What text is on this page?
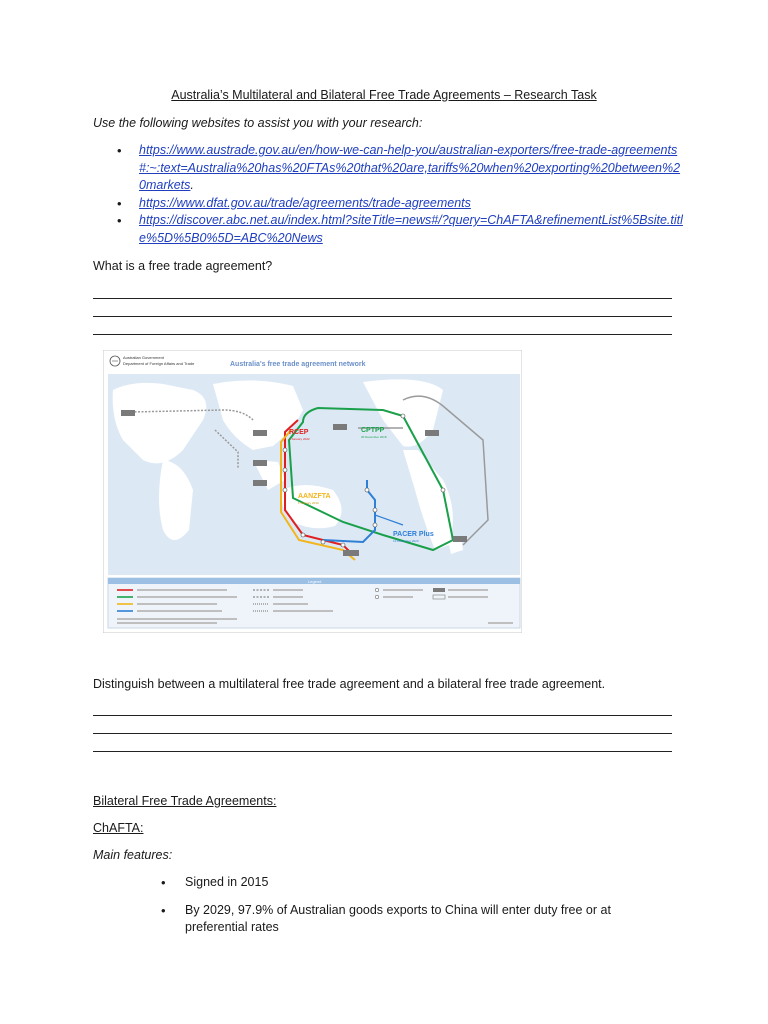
Australia’s Multilateral and Bilateral Free Trade Agreements – Research Task
Use the following websites to assist you with your research:
• https://www.austrade.gov.au/en/how-we-can-help-you/australian-exporters/free-trade-agreements#:~:text=Australia%20has%20FTAs%20that%20are,tariffs%20when%20exporting%20between%20markets.
• https://www.dfat.gov.au/trade/agreements/trade-agreements
• https://discover.abc.net.au/index.html?siteTitle=news#/?query=ChAFTA&refinementList%5Bsite.title%5D%5B0%5D=ABC%20News
What is a free trade agreement?
Australian Government
Department of Foreign Affairs and Trade	Australia's free trade agreement network
RCEP
1 January 2022
CPTPP
30 December 2018
AANZFTA
1 January 2010
PACER Plus
13 December 2020
Legend
Distinguish between a multilateral free trade agreement and a bilateral free trade agreement.
Bilateral Free Trade Agreements:
ChAFTA:
Main features:
• Signed in 2015
• By 2029, 97.9% of Australian goods exports to China will enter duty free or at preferential rates
